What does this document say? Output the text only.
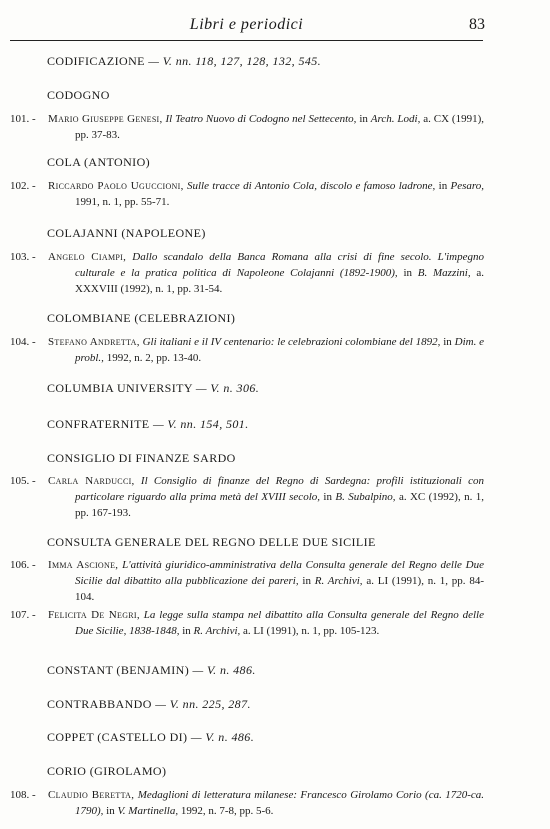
Libri e periodici	83
CODIFICAZIONE — V. nn. 118, 127, 128, 132, 545.
CODOGNO
101. -	Mario Giuseppe Genesi, Il Teatro Nuovo di Codogno nel Settecento, in Arch. Lodi, a. CX (1991), pp. 37-83.
COLA (ANTONIO)
102. -	Riccardo Paolo Uguccioni, Sulle tracce di Antonio Cola, discolo e famoso ladrone, in Pesaro, 1991, n. 1, pp. 55-71.
COLAJANNI (NAPOLEONE)
103. -	Angelo Ciampi, Dallo scandalo della Banca Romana alla crisi di fine secolo. L'impegno culturale e la pratica politica di Napoleone Colajanni (1892-1900), in B. Mazzini, a. XXXVIII (1992), n. 1, pp. 31-54.
COLOMBIANE (CELEBRAZIONI)
104. -	Stefano Andretta, Gli italiani e il IV centenario: le celebrazioni colombiane del 1892, in Dim. e probl., 1992, n. 2, pp. 13-40.
COLUMBIA UNIVERSITY — V. n. 306.
CONFRATERNITE — V. nn. 154, 501.
CONSIGLIO DI FINANZE SARDO
105. -	Carla Narducci, Il Consiglio di finanze del Regno di Sardegna: profili istituzionali con particolare riguardo alla prima metà del XVIII secolo, in B. Subalpino, a. XC (1992), n. 1, pp. 167-193.
CONSULTA GENERALE DEL REGNO DELLE DUE SICILIE
106. -	Imma Ascione, L'attività giuridico-amministrativa della Consulta generale del Regno delle Due Sicilie dal dibattito alla pubblicazione dei pareri, in R. Archivi, a. LI (1991), n. 1, pp. 84-104.
107. -	Felicita De Negri, La legge sulla stampa nel dibattito alla Consulta generale del Regno delle Due Sicilie, 1838-1848, in R. Archivi, a. LI (1991), n. 1, pp. 105-123.
CONSTANT (BENJAMIN) — V. n. 486.
CONTRABBANDO — V. nn. 225, 287.
COPPET (CASTELLO DI) — V. n. 486.
CORIO (GIROLAMO)
108. -	Claudio Beretta, Medaglioni di letteratura milanese: Francesco Girolamo Corio (ca. 1720-ca. 1790), in V. Martinella, 1992, n. 7-8, pp. 5-6.
